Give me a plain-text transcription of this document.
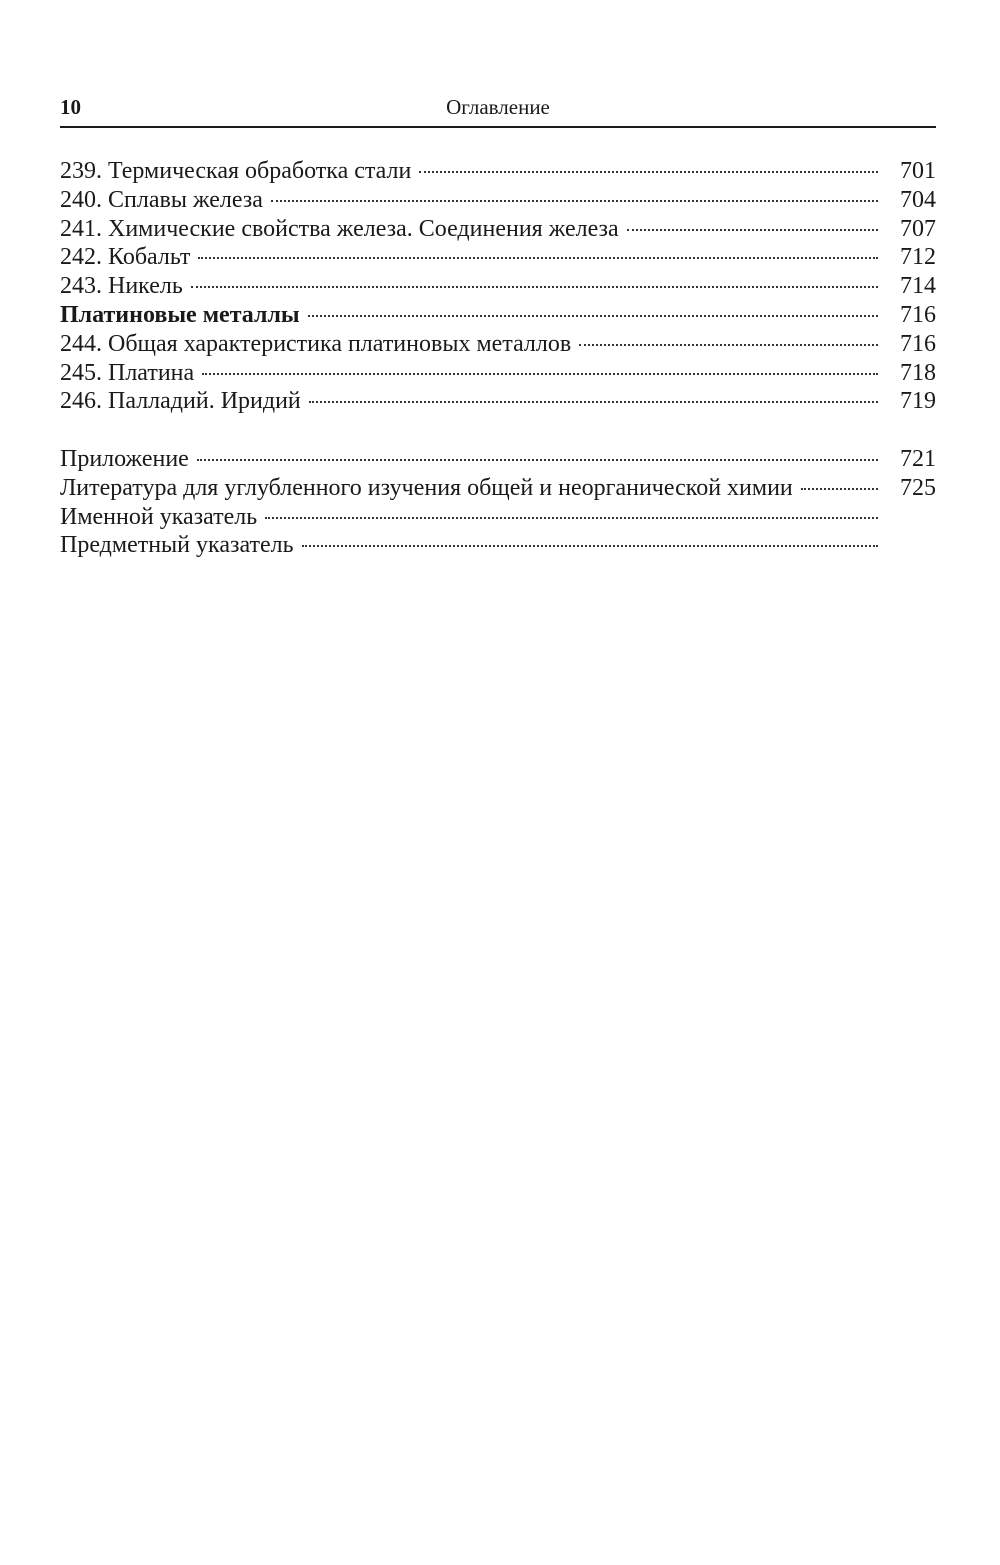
10	Оглавление
239. Термическая обработка стали	701
240. Сплавы железа	704
241. Химические свойства железа. Соединения железа	707
242. Кобальт	712
243. Никель	714
Платиновые металлы	716
244. Общая характеристика платиновых металлов	716
245. Платина	718
246. Палладий. Иридий	719
Приложение	721
Литература для углубленного изучения общей и неорганической химии	725
Именной указатель
Предметный указатель
